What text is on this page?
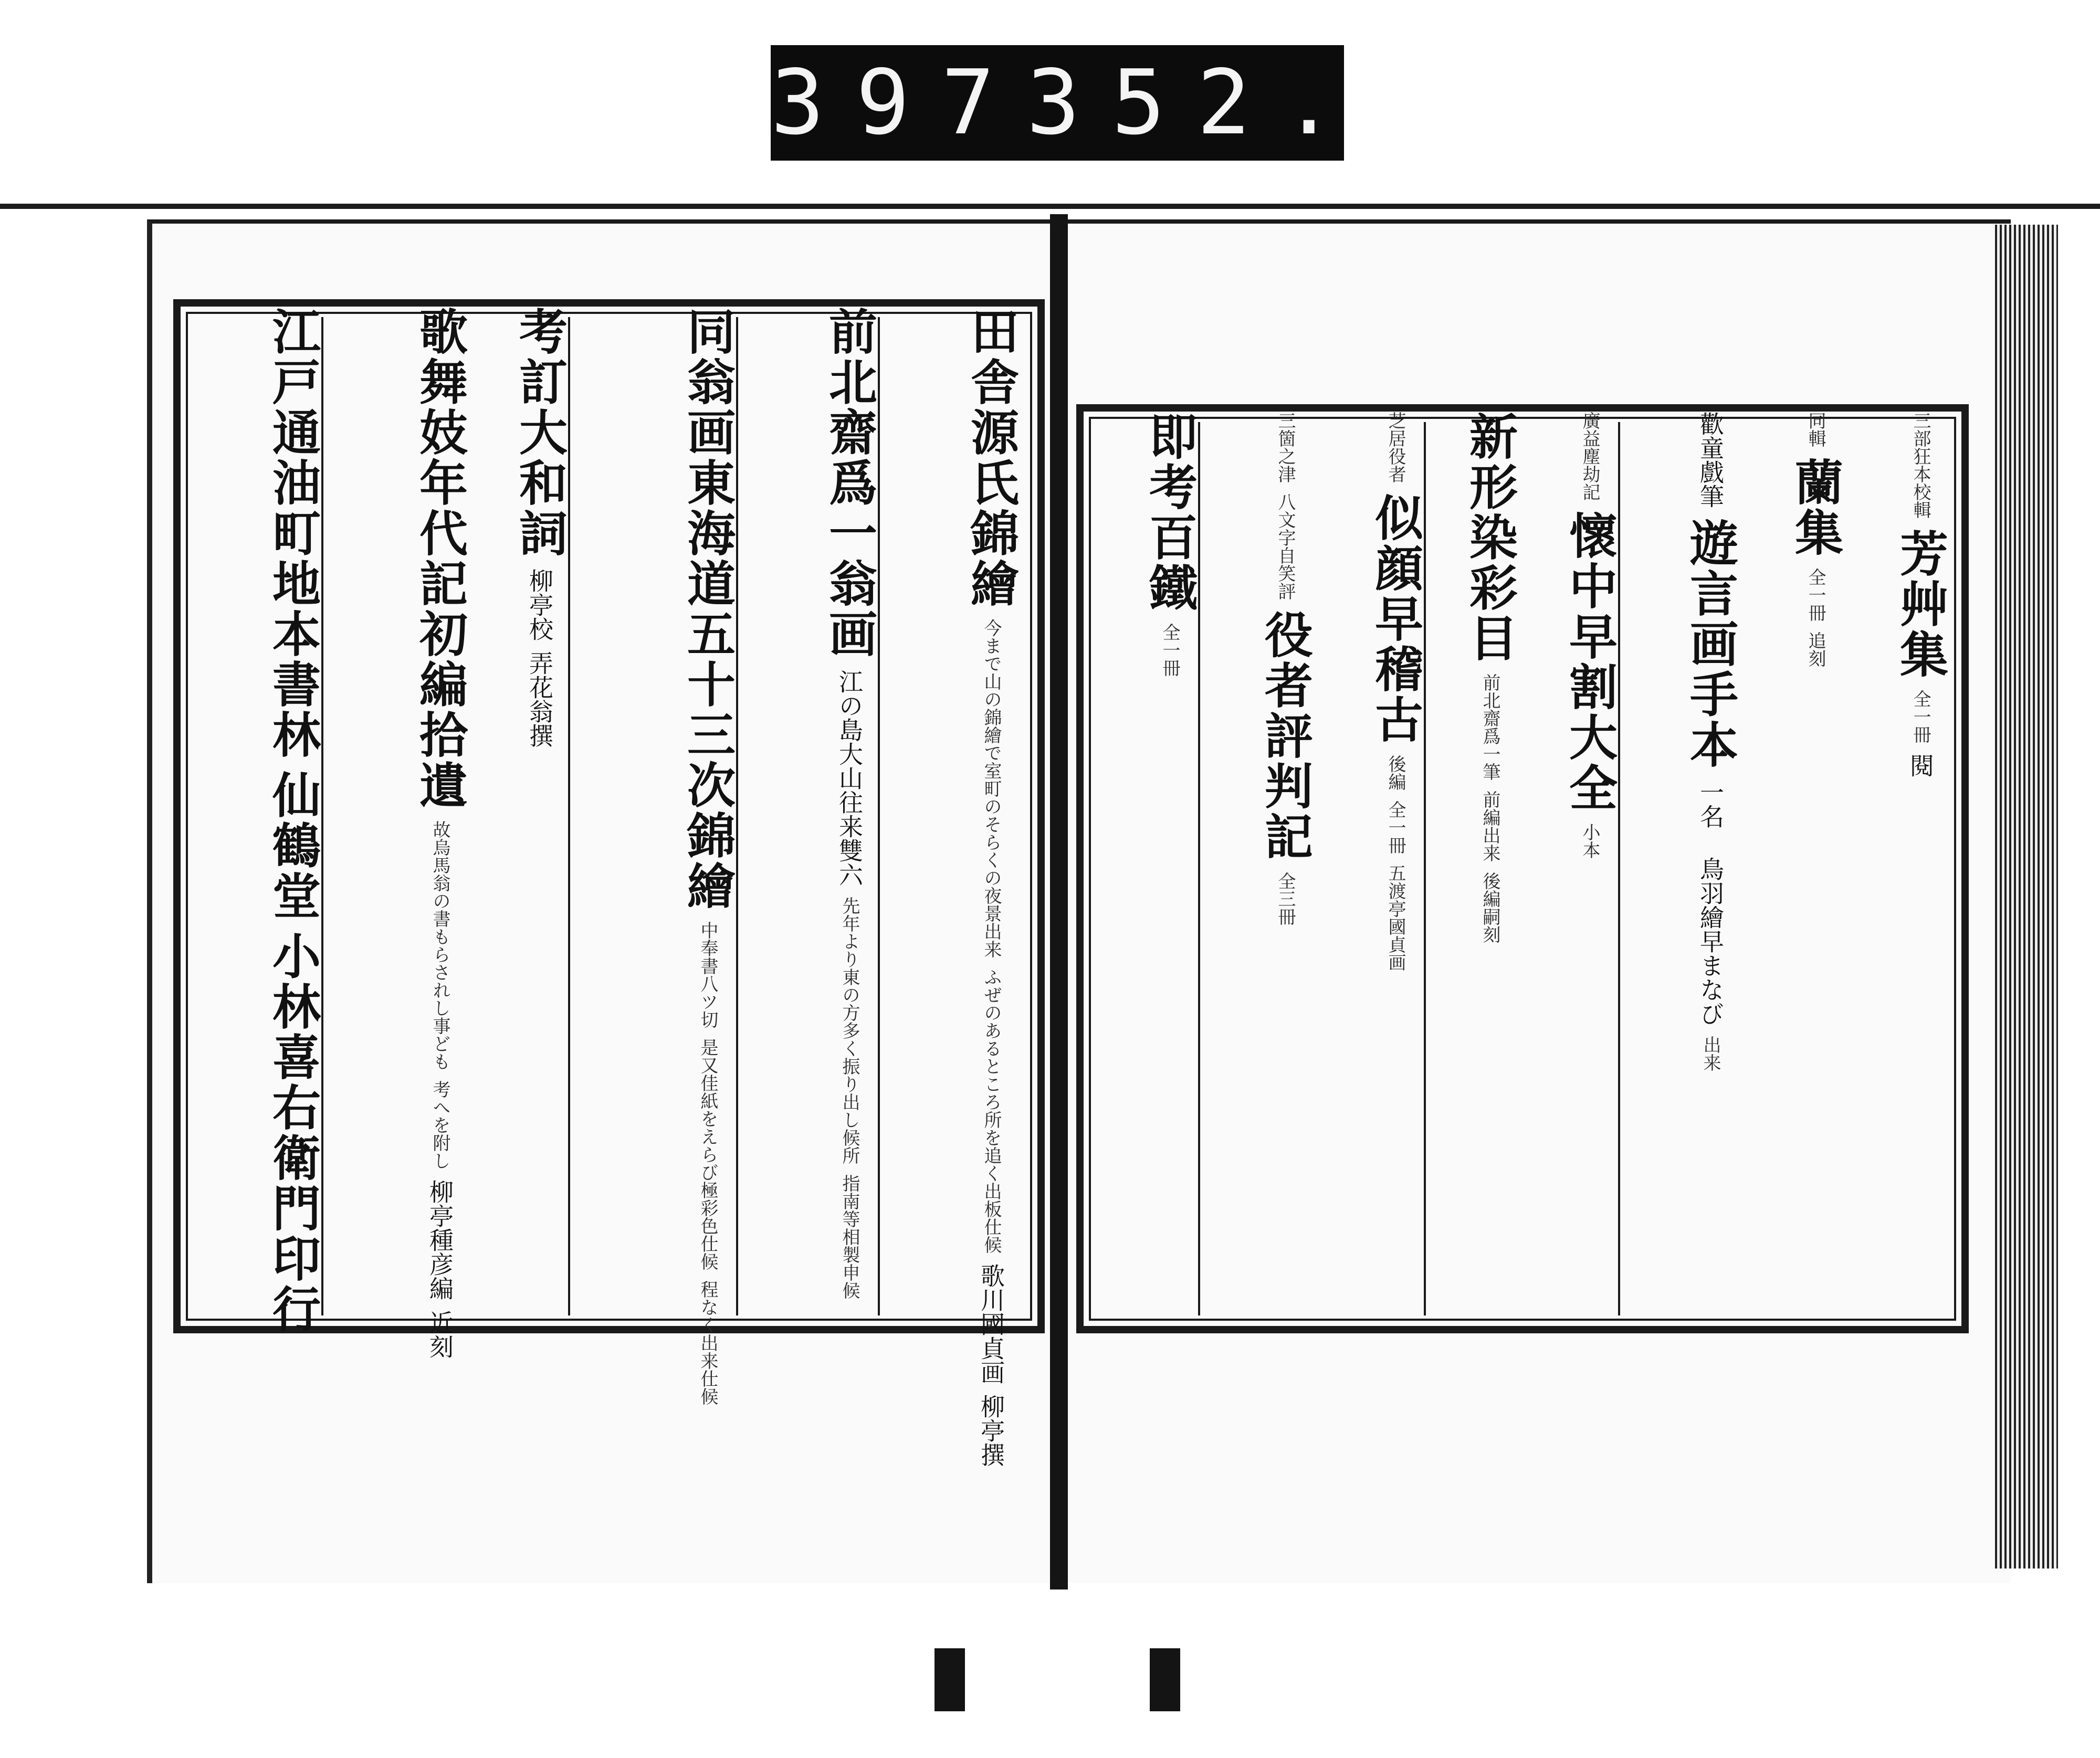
397 352.
田舎源氏錦繪 今まで山の錦繪で室町のそらくの夜景出来 ふぜのあるところ所を追く出板仕候 歌川國貞画 柳亭撰
前北齋爲一翁画 江の島大山往来雙六 先年より東の方多く振り出し候所 指南等相製申候
同翁画東海道五十三次錦繪 中奉書八ツ切 是又佳紙をえらび極彩色仕候 程なく出来仕候
考訂大和詞 柳亭校 弄花翁撰
歌舞妓年代記初編拾遺 故烏馬翁の書もらされし事ども 考へを附し 柳亭種彦編 近刻
江戸通油町地本書林 仙鶴堂 小林喜右衛門印行
三部狂本校輯 芳艸集 全一冊 閱
同輯 蘭集 全一冊 追刻
歡童戲筆 遊言画手本 一名 鳥羽繪早まなび 出来
廣益塵劫記 懷中早割大全 小本
新形染彩目 前北齋爲一筆 前編出来 後編嗣刻
芝居役者 似顔早稽古 後編 全一冊 五渡亭國貞画
三箇之津 八文字自笑評 役者評判記 全三冊
即考百鐵 全一冊
